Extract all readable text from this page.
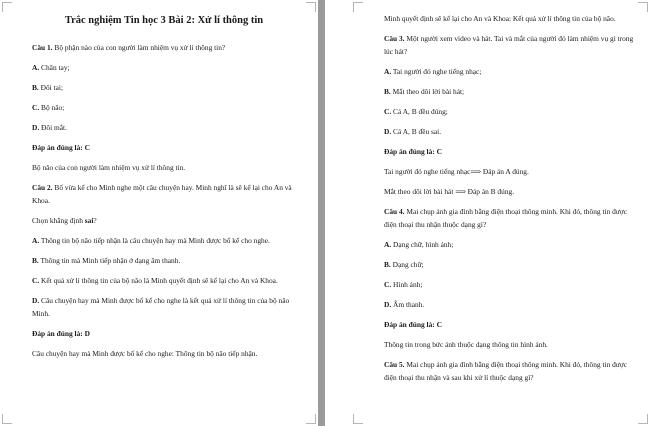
Trắc nghiệm Tin học 3 Bài 2: Xử lí thông tin

Câu 1. Bộ phận nào của con người làm nhiệm vụ xử lí thông tin?

A. Chân tay;

B. Đôi tai;

C. Bộ não;

D. Đôi mắt.

Đáp án đúng là: C

Bộ não của con người làm nhiệm vụ xử lí thông tin.

Câu 2. Bố vừa kể cho Minh nghe một câu chuyện hay. Minh nghĩ là sẽ kể lại cho An và Khoa.

Chọn khẳng định sai?

A. Thông tin bộ não tiếp nhận là câu chuyện hay mà Minh được bố kể cho nghe.

B. Thông tin mà Minh tiếp nhận ở dạng âm thanh.

C. Kết quả xử lí thông tin của bộ não là Minh quyết định sẽ kể lại cho An và Khoa.

D. Câu chuyện hay mà Minh được bố kể cho nghe là kết quả xử lí thông tin của bộ não Minh.

Đáp án đúng là: D

Câu chuyện hay mà Minh được bố kể cho nghe: Thông tin bộ não tiếp nhận.

Minh quyết định sẽ kể lại cho An và Khoa: Kết quả xử lí thông tin của bộ não.

Câu 3. Một người xem video và hát. Tai và mắt của người đó làm nhiệm vụ gì trong lúc hát?

A. Tai người đó nghe tiếng nhạc;

B. Mắt theo dõi lời bài hát;

C. Cả A, B đều đúng;

D. Cả A, B đều sai.

Đáp án đúng là: C

Tai người đó nghe tiếng nhạc⟹ Đáp án A đúng.

Mắt theo dõi lời bài hát ⟹ Đáp án B đúng.

Câu 4. Mai chụp ảnh gia đình bằng điện thoại thông minh. Khi đó, thông tin được điện thoại thu nhận thuộc dạng gì?

A. Dạng chữ, hình ảnh;

B. Dạng chữ;

C. Hình ảnh;

D. Âm thanh.

Đáp án đúng là: C

Thông tin trong bức ảnh thuộc dạng thông tin hình ảnh.

Câu 5. Mai chụp ảnh gia đình bằng điện thoại thông minh. Khi đó, thông tin được điện thoại thu nhận và sau khi xử lí thuộc dạng gì?
